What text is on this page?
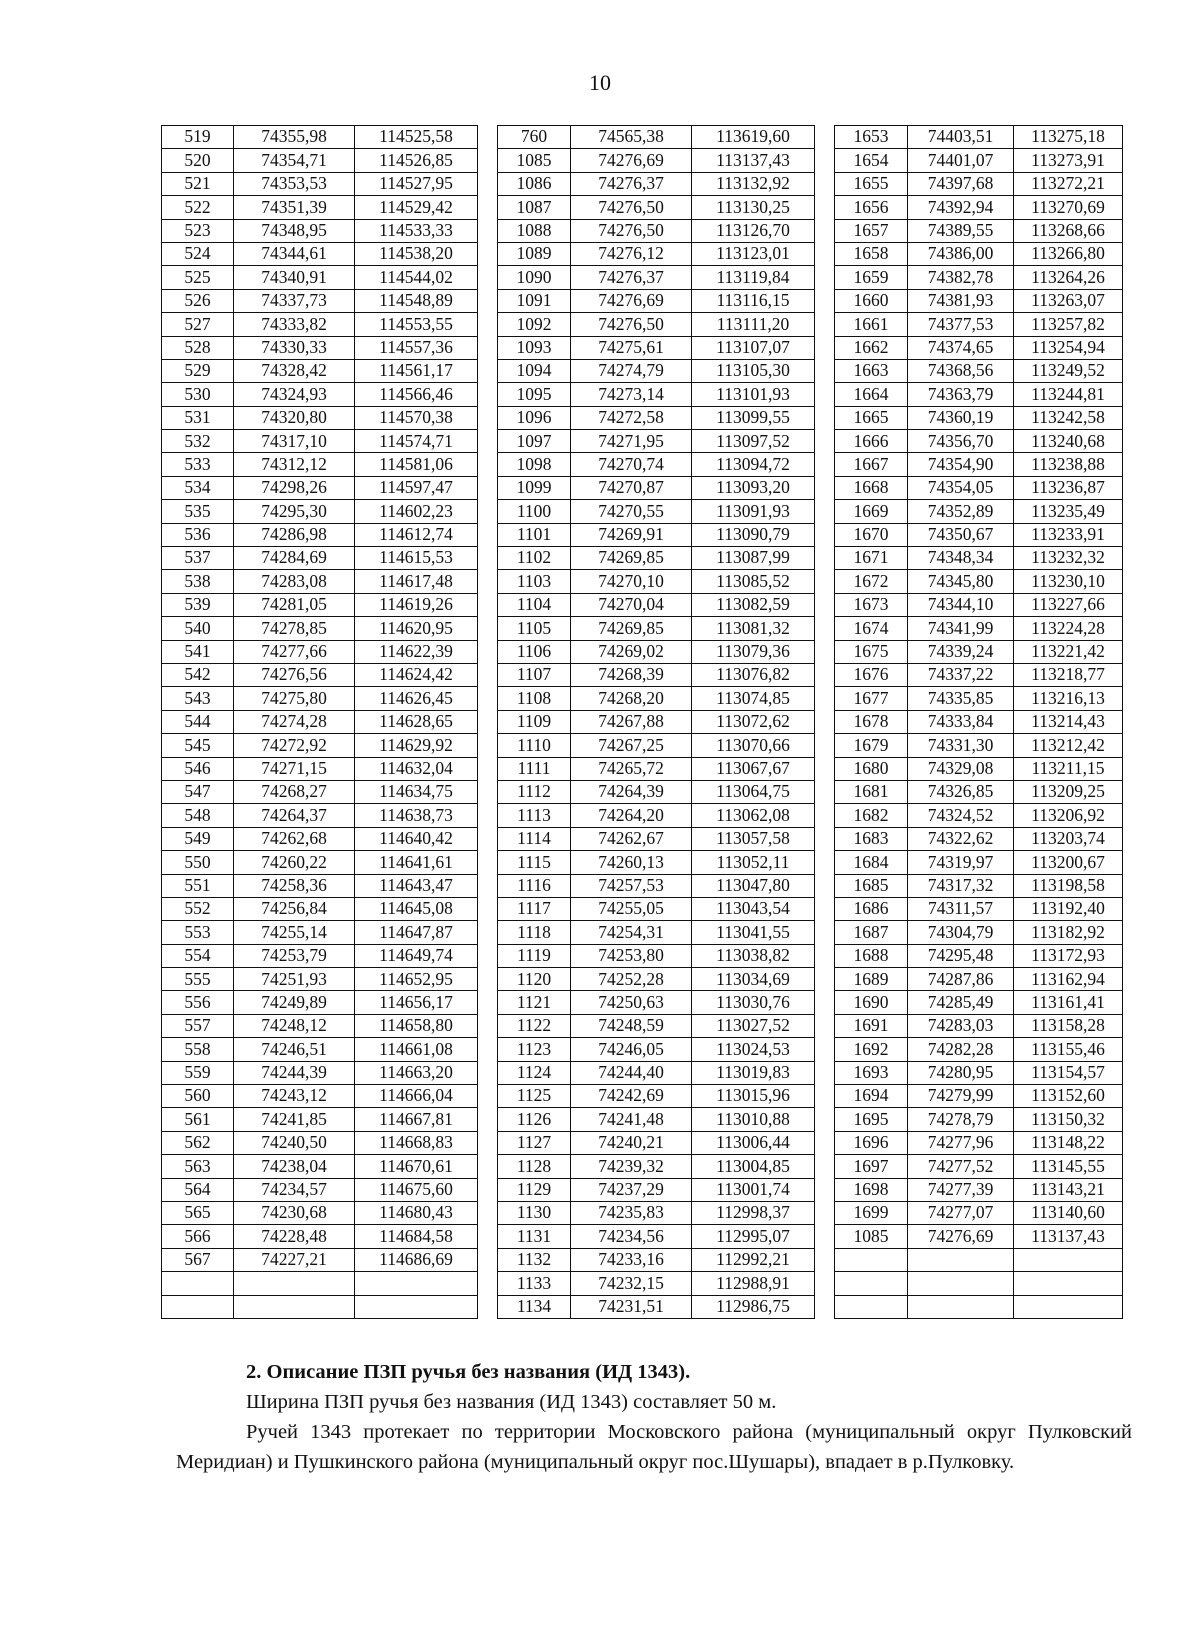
10
519	74355,98	114525,58		760	74565,38	113619,60		1653	74403,51	113275,18
520	74354,71	114526,85		1085	74276,69	113137,43		1654	74401,07	113273,91
521	74353,53	114527,95		1086	74276,37	113132,92		1655	74397,68	113272,21
522	74351,39	114529,42		1087	74276,50	113130,25		1656	74392,94	113270,69
523	74348,95	114533,33		1088	74276,50	113126,70		1657	74389,55	113268,66
524	74344,61	114538,20		1089	74276,12	113123,01		1658	74386,00	113266,80
525	74340,91	114544,02		1090	74276,37	113119,84		1659	74382,78	113264,26
526	74337,73	114548,89		1091	74276,69	113116,15		1660	74381,93	113263,07
527	74333,82	114553,55		1092	74276,50	113111,20		1661	74377,53	113257,82
528	74330,33	114557,36		1093	74275,61	113107,07		1662	74374,65	113254,94
529	74328,42	114561,17		1094	74274,79	113105,30		1663	74368,56	113249,52
530	74324,93	114566,46		1095	74273,14	113101,93		1664	74363,79	113244,81
531	74320,80	114570,38		1096	74272,58	113099,55		1665	74360,19	113242,58
532	74317,10	114574,71		1097	74271,95	113097,52		1666	74356,70	113240,68
533	74312,12	114581,06		1098	74270,74	113094,72		1667	74354,90	113238,88
534	74298,26	114597,47		1099	74270,87	113093,20		1668	74354,05	113236,87
535	74295,30	114602,23		1100	74270,55	113091,93		1669	74352,89	113235,49
536	74286,98	114612,74		1101	74269,91	113090,79		1670	74350,67	113233,91
537	74284,69	114615,53		1102	74269,85	113087,99		1671	74348,34	113232,32
538	74283,08	114617,48		1103	74270,10	113085,52		1672	74345,80	113230,10
539	74281,05	114619,26		1104	74270,04	113082,59		1673	74344,10	113227,66
540	74278,85	114620,95		1105	74269,85	113081,32		1674	74341,99	113224,28
541	74277,66	114622,39		1106	74269,02	113079,36		1675	74339,24	113221,42
542	74276,56	114624,42		1107	74268,39	113076,82		1676	74337,22	113218,77
543	74275,80	114626,45		1108	74268,20	113074,85		1677	74335,85	113216,13
544	74274,28	114628,65		1109	74267,88	113072,62		1678	74333,84	113214,43
545	74272,92	114629,92		1110	74267,25	113070,66		1679	74331,30	113212,42
546	74271,15	114632,04		1111	74265,72	113067,67		1680	74329,08	113211,15
547	74268,27	114634,75		1112	74264,39	113064,75		1681	74326,85	113209,25
548	74264,37	114638,73		1113	74264,20	113062,08		1682	74324,52	113206,92
549	74262,68	114640,42		1114	74262,67	113057,58		1683	74322,62	113203,74
550	74260,22	114641,61		1115	74260,13	113052,11		1684	74319,97	113200,67
551	74258,36	114643,47		1116	74257,53	113047,80		1685	74317,32	113198,58
552	74256,84	114645,08		1117	74255,05	113043,54		1686	74311,57	113192,40
553	74255,14	114647,87		1118	74254,31	113041,55		1687	74304,79	113182,92
554	74253,79	114649,74		1119	74253,80	113038,82		1688	74295,48	113172,93
555	74251,93	114652,95		1120	74252,28	113034,69		1689	74287,86	113162,94
556	74249,89	114656,17		1121	74250,63	113030,76		1690	74285,49	113161,41
557	74248,12	114658,80		1122	74248,59	113027,52		1691	74283,03	113158,28
558	74246,51	114661,08		1123	74246,05	113024,53		1692	74282,28	113155,46
559	74244,39	114663,20		1124	74244,40	113019,83		1693	74280,95	113154,57
560	74243,12	114666,04		1125	74242,69	113015,96		1694	74279,99	113152,60
561	74241,85	114667,81		1126	74241,48	113010,88		1695	74278,79	113150,32
562	74240,50	114668,83		1127	74240,21	113006,44		1696	74277,96	113148,22
563	74238,04	114670,61		1128	74239,32	113004,85		1697	74277,52	113145,55
564	74234,57	114675,60		1129	74237,29	113001,74		1698	74277,39	113143,21
565	74230,68	114680,43		1130	74235,83	112998,37		1699	74277,07	113140,60
566	74228,48	114684,58		1131	74234,56	112995,07		1085	74276,69	113137,43
567	74227,21	114686,69		1132	74233,16	112992,21				
				1133	74232,15	112988,91				
				1134	74231,51	112986,75				

2. Описание ПЗП ручья без названия (ИД 1343).

Ширина ПЗП ручья без названия (ИД 1343) составляет 50 м.

Ручей 1343 протекает по территории Московского района (муниципальный округ Пулковский Меридиан) и Пушкинского района (муниципальный округ пос.Шушары), впадает в р.Пулковку.
